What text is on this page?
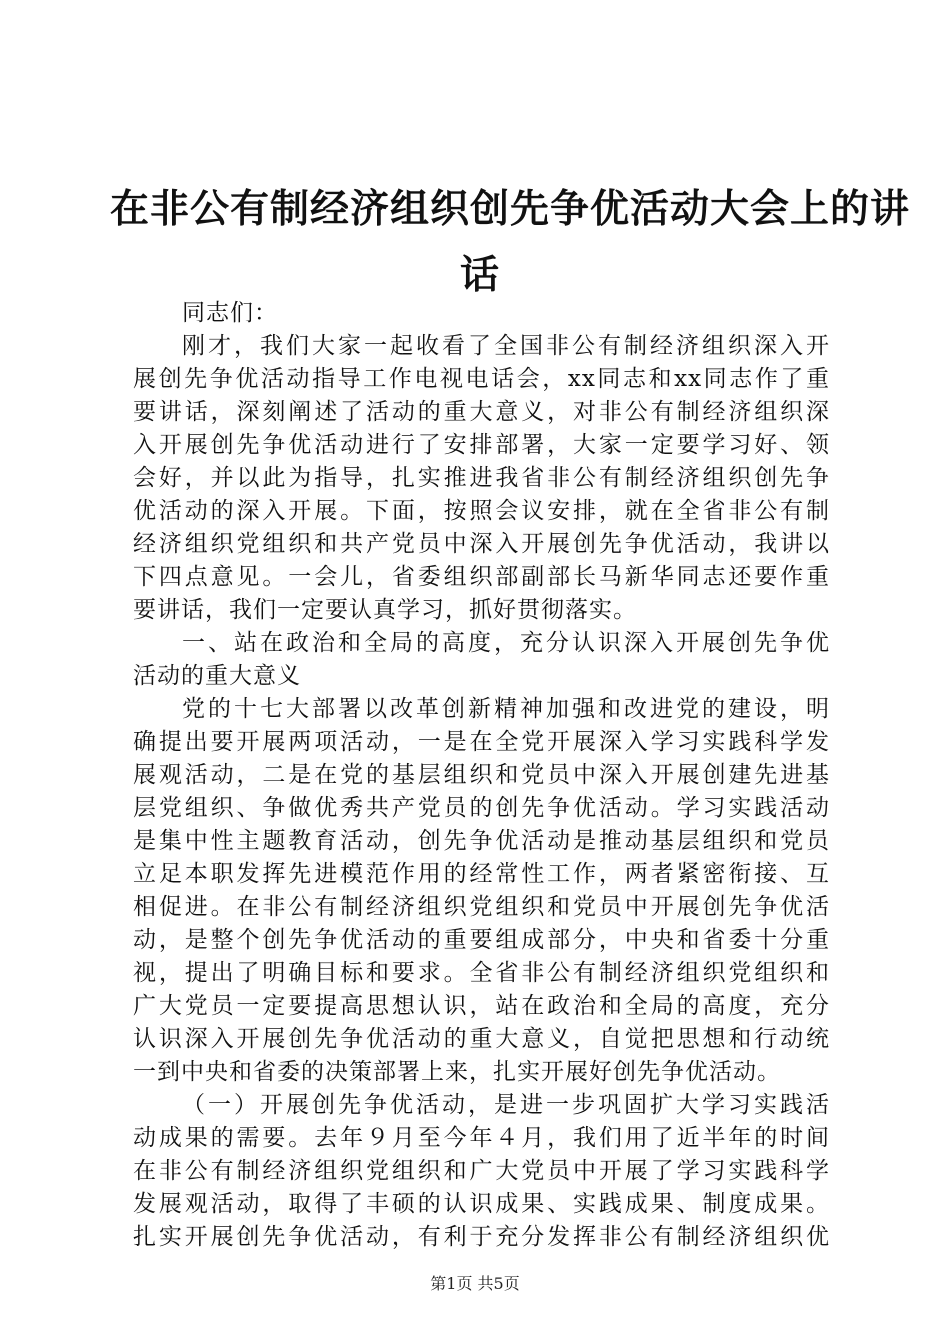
在非公有制经济组织创先争优活动大会上的讲
话
同志们：
刚才，我们大家一起收看了全国非公有制经济组织深入开
展创先争优活动指导工作电视电话会，xx同志和xx同志作了重
要讲话，深刻阐述了活动的重大意义，对非公有制经济组织深
入开展创先争优活动进行了安排部署，大家一定要学习好、领
会好，并以此为指导，扎实推进我省非公有制经济组织创先争
优活动的深入开展。下面，按照会议安排，就在全省非公有制
经济组织党组织和共产党员中深入开展创先争优活动，我讲以
下四点意见。一会儿，省委组织部副部长马新华同志还要作重
要讲话，我们一定要认真学习，抓好贯彻落实。
一、站在政治和全局的高度，充分认识深入开展创先争优
活动的重大意义
党的十七大部署以改革创新精神加强和改进党的建设，明
确提出要开展两项活动，一是在全党开展深入学习实践科学发
展观活动，二是在党的基层组织和党员中深入开展创建先进基
层党组织、争做优秀共产党员的创先争优活动。学习实践活动
是集中性主题教育活动，创先争优活动是推动基层组织和党员
立足本职发挥先进模范作用的经常性工作，两者紧密衔接、互
相促进。在非公有制经济组织党组织和党员中开展创先争优活
动，是整个创先争优活动的重要组成部分，中央和省委十分重
视，提出了明确目标和要求。全省非公有制经济组织党组织和
广大党员一定要提高思想认识，站在政治和全局的高度，充分
认识深入开展创先争优活动的重大意义，自觉把思想和行动统
一到中央和省委的决策部署上来，扎实开展好创先争优活动。
（一）开展创先争优活动，是进一步巩固扩大学习实践活
动成果的需要。去年９月至今年４月，我们用了近半年的时间
在非公有制经济组织党组织和广大党员中开展了学习实践科学
发展观活动，取得了丰硕的认识成果、实践成果、制度成果。
扎实开展创先争优活动，有利于充分发挥非公有制经济组织优
第1页 共5页
